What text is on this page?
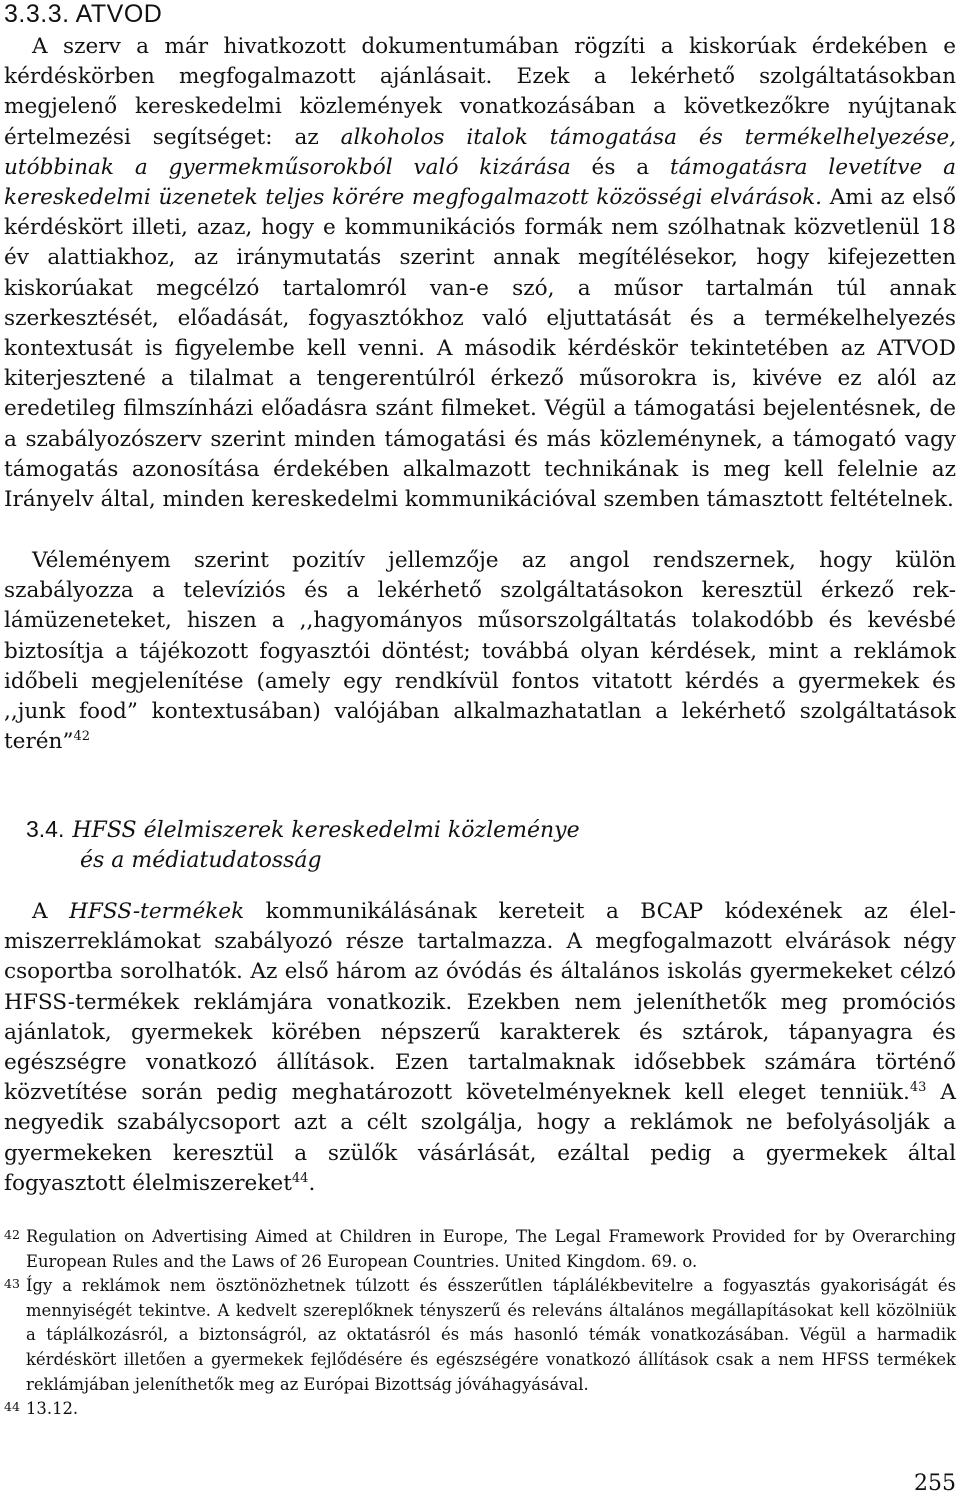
3.3.3. ATVOD

A szerv a már hivatkozott dokumentumában rögzíti a kiskorúak érdekében e kérdéskörben megfogalmazott ajánlásait. Ezek a lekérhető szolgáltatásokban megjelenő kereskedelmi közlemények vonatkozásában a következőkre nyújtanak értelmezési segítséget: az alkoholos italok támogatása és termékelhelyezése, utóbbinak a gyermekműsorokból való kizárása és a támogatásra levetítve a kereskedelmi üzenetek teljes körére megfogalmazott közösségi elvárások. Ami az első kérdéskört illeti, azaz, hogy e kommunikációs formák nem szólhatnak közvetlenül 18 év alattiakhoz, az iránymutatás szerint annak megítélésekor, hogy kifejezetten kiskorúakat megcélzó tartalomról van-e szó, a műsor tartalmán túl annak szerkesztését, előadását, fogyasztókhoz való eljuttatását és a termékelhelyezés kontextusát is figyelembe kell venni. A második kérdéskör tekintetében az ATVOD kiterjesztené a tilalmat a tengerentúlról érkező műsorokra is, kivéve ez alól az eredetileg filmszínházi előadásra szánt filmeket. Végül a támogatási bejelentésnek, de a szabályozószerv szerint minden támogatási és más közleménynek, a támogató vagy támogatás azonosítása érdekében alkalmazott technikának is meg kell felelnie az Irányelv által, minden kereskedelmi kommunikációval szemben támasztott feltételnek.

Véleményem szerint pozitív jellemzője az angol rendszernek, hogy külön szabályozza a televíziós és a lekérhető szolgáltatásokon keresztül érkező reklámüzeneteket, hiszen a ,,hagyományos műsorszolgáltatás tolakodóbb és kevésbé biztosítja a tájékozott fogyasztói döntést; továbbá olyan kérdések, mint a reklámok időbeli megjelenítése (amely egy rendkívül fontos vitatott kérdés a gyermekek és ,,junk food” kontextusában) valójában alkalmazhatatlan a lekérhető szolgáltatások terén”$^{42}$

3.4. HFSS élelmiszerek kereskedelmi közleménye
és a médiatudatosság

A HFSS-termékek kommunikálásának kereteit a BCAP kódexének az élelmiszerreklámokat szabályozó része tartalmazza. A megfogalmazott elvárások négy csoportba sorolhatók. Az első három az óvódás és általános iskolás gyermekeket célzó HFSS-termékek reklámjára vonatkozik. Ezekben nem jeleníthetők meg promóciós ajánlatok, gyermekek körében népszerű karakterek és sztárok, tápanyagra és egészségre vonatkozó állítások. Ezen tartalmaknak idősebbek számára történő közvetítése során pedig meghatározott követelményeknek kell eleget tenniük.$^{43}$ A negyedik szabálycsoport azt a célt szolgálja, hogy a reklámok ne befolyásolják a gyermekeken keresztül a szülők vásárlását, ezáltal pedig a gyermekek által fogyasztott élelmiszereket$^{44}$.

42 Regulation on Advertising Aimed at Children in Europe, The Legal Framework Provided for by Overarching European Rules and the Laws of 26 European Countries. United Kingdom. 69. o.
43 Így a reklámok nem ösztönözhetnek túlzott és ésszerűtlen táplálékbevitelre a fogyasztás gyakoriságát és mennyiségét tekintve. A kedvelt szereplőknek tényszerű és releváns általános megállapításokat kell közölniük a táplálkozásról, a biztonságról, az oktatásról és más hasonló témák vonatkozásában. Végül a harmadik kérdéskört illetően a gyermekek fejlődésére és egészségére vonatkozó állítások csak a nem HFSS termékek reklámjában jeleníthetők meg az Európai Bizottság jóváhagyásával.
44 13.12.
255
